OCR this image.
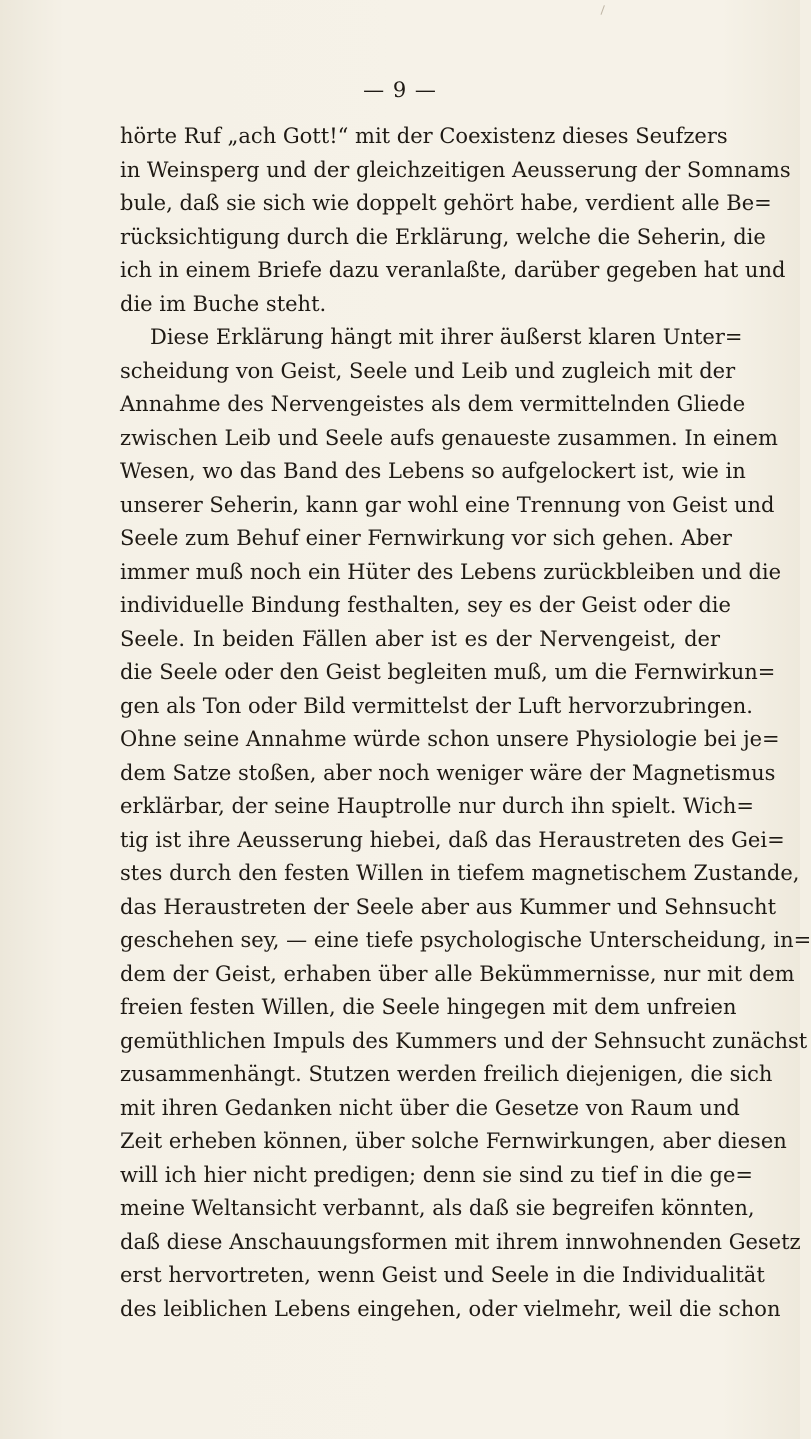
— 9 —
hörte Ruf „ach Gott!“ mit der Coexistenz dieses Seufzers
in Weinsperg und der gleichzeitigen Aeusserung der Somnams
bule, daß sie sich wie doppelt gehört habe, verdient alle Be=
rücksichtigung durch die Erklärung, welche die Seherin, die
ich in einem Briefe dazu veranlaßte, darüber gegeben hat und
die im Buche steht.
Diese Erklärung hängt mit ihrer äußerst klaren Unter=
scheidung von Geist, Seele und Leib und zugleich mit der
Annahme des Nervengeistes als dem vermittelnden Gliede
zwischen Leib und Seele aufs genaueste zusammen. In einem
Wesen, wo das Band des Lebens so aufgelockert ist, wie in
unserer Seherin, kann gar wohl eine Trennung von Geist und
Seele zum Behuf einer Fernwirkung vor sich gehen. Aber
immer muß noch ein Hüter des Lebens zurückbleiben und die
individuelle Bindung festhalten, sey es der Geist oder die
Seele. In beiden Fällen aber ist es der Nervengeist, der
die Seele oder den Geist begleiten muß, um die Fernwirkun=
gen als Ton oder Bild vermittelst der Luft hervorzubringen.
Ohne seine Annahme würde schon unsere Physiologie bei je=
dem Satze stoßen, aber noch weniger wäre der Magnetismus
erklärbar, der seine Hauptrolle nur durch ihn spielt. Wich=
tig ist ihre Aeusserung hiebei, daß das Heraustreten des Gei=
stes durch den festen Willen in tiefem magnetischem Zustande,
das Heraustreten der Seele aber aus Kummer und Sehnsucht
geschehen sey, — eine tiefe psychologische Unterscheidung, in=
dem der Geist, erhaben über alle Bekümmernisse, nur mit dem
freien festen Willen, die Seele hingegen mit dem unfreien
gemüthlichen Impuls des Kummers und der Sehnsucht zunächst
zusammenhängt. Stutzen werden freilich diejenigen, die sich
mit ihren Gedanken nicht über die Gesetze von Raum und
Zeit erheben können, über solche Fernwirkungen, aber diesen
will ich hier nicht predigen; denn sie sind zu tief in die ge=
meine Weltansicht verbannt, als daß sie begreifen könnten,
daß diese Anschauungsformen mit ihrem innwohnenden Gesetz
erst hervortreten, wenn Geist und Seele in die Individualität
des leiblichen Lebens eingehen, oder vielmehr, weil die schon
